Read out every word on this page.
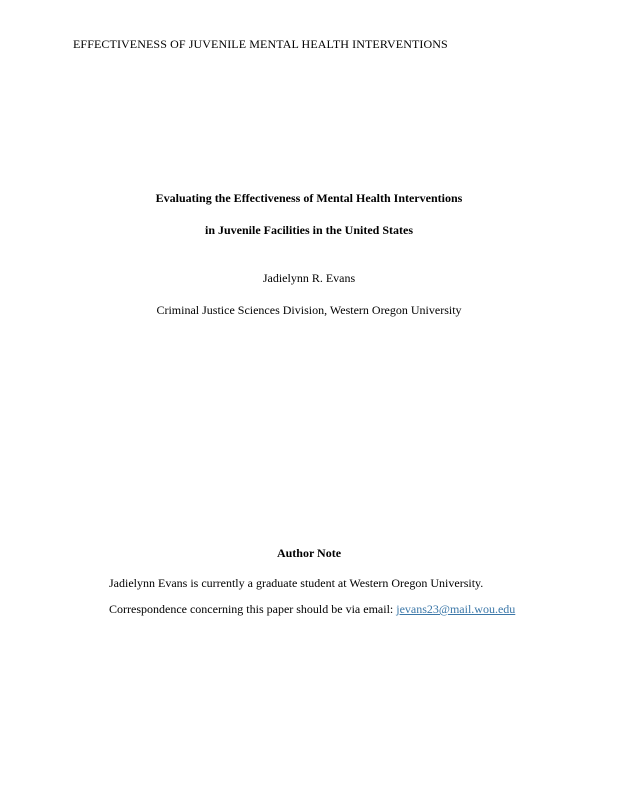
EFFECTIVENESS OF JUVENILE MENTAL HEALTH INTERVENTIONS
Evaluating the Effectiveness of Mental Health Interventions
in Juvenile Facilities in the United States
Jadielynn R. Evans
Criminal Justice Sciences Division, Western Oregon University
Author Note
Jadielynn Evans is currently a graduate student at Western Oregon University.
Correspondence concerning this paper should be via email: jevans23@mail.wou.edu
